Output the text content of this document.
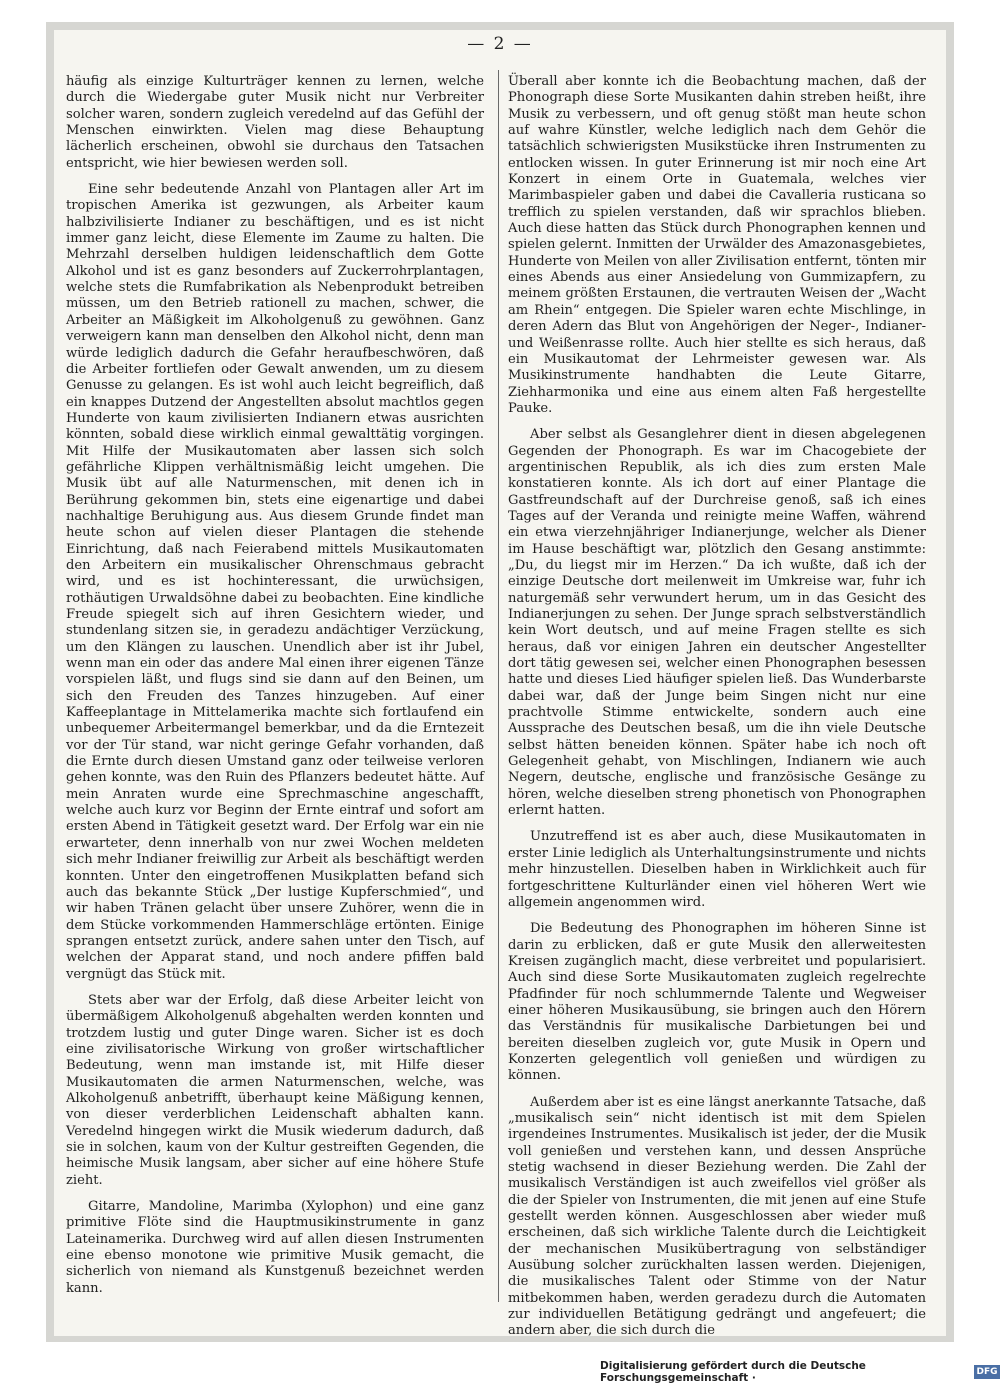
— 2 —

häufig als einzige Kulturträger kennen zu lernen, welche durch die Wiedergabe guter Musik nicht nur Verbreiter solcher waren, sondern zugleich veredelnd auf das Gefühl der Menschen einwirkten. Vielen mag diese Behauptung lächerlich erscheinen, obwohl sie durchaus den Tatsachen entspricht, wie hier bewiesen werden soll.

Eine sehr bedeutende Anzahl von Plantagen aller Art im tropischen Amerika ist gezwungen, als Arbeiter kaum halbzivilisierte Indianer zu beschäftigen, und es ist nicht immer ganz leicht, diese Elemente im Zaume zu halten. Die Mehrzahl derselben huldigen leidenschaftlich dem Gotte Alkohol und ist es ganz besonders auf Zuckerrohrplantagen, welche stets die Rumfabrikation als Nebenprodukt betreiben müssen, um den Betrieb rationell zu machen, schwer, die Arbeiter an Mäßigkeit im Alkoholgenuß zu gewöhnen. Ganz verweigern kann man denselben den Alkohol nicht, denn man würde lediglich dadurch die Gefahr heraufbeschwören, daß die Arbeiter fortliefen oder Gewalt anwenden, um zu diesem Genusse zu gelangen. Es ist wohl auch leicht begreiflich, daß ein knappes Dutzend der Angestellten absolut machtlos gegen Hunderte von kaum zivilisierten Indianern etwas ausrichten könnten, sobald diese wirklich einmal gewalttätig vorgingen. Mit Hilfe der Musikautomaten aber lassen sich solch gefährliche Klippen verhältnismäßig leicht umgehen. Die Musik übt auf alle Naturmenschen, mit denen ich in Berührung gekommen bin, stets eine eigenartige und dabei nachhaltige Beruhigung aus. Aus diesem Grunde findet man heute schon auf vielen dieser Plantagen die stehende Einrichtung, daß nach Feierabend mittels Musikautomaten den Arbeitern ein musikalischer Ohrenschmaus gebracht wird, und es ist hochinteressant, die urwüchsigen, rothäutigen Urwaldsöhne dabei zu beobachten. Eine kindliche Freude spiegelt sich auf ihren Gesichtern wieder, und stundenlang sitzen sie, in geradezu andächtiger Verzückung, um den Klängen zu lauschen. Unendlich aber ist ihr Jubel, wenn man ein oder das andere Mal einen ihrer eigenen Tänze vorspielen läßt, und flugs sind sie dann auf den Beinen, um sich den Freuden des Tanzes hinzugeben. Auf einer Kaffeeplantage in Mittelamerika machte sich fortlaufend ein unbequemer Arbeitermangel bemerkbar, und da die Erntezeit vor der Tür stand, war nicht geringe Gefahr vorhanden, daß die Ernte durch diesen Umstand ganz oder teilweise verloren gehen konnte, was den Ruin des Pflanzers bedeutet hätte. Auf mein Anraten wurde eine Sprechmaschine angeschafft, welche auch kurz vor Beginn der Ernte eintraf und sofort am ersten Abend in Tätigkeit gesetzt ward. Der Erfolg war ein nie erwarteter, denn innerhalb von nur zwei Wochen meldeten sich mehr Indianer freiwillig zur Arbeit als beschäftigt werden konnten. Unter den eingetroffenen Musikplatten befand sich auch das bekannte Stück „Der lustige Kupferschmied“, und wir haben Tränen gelacht über unsere Zuhörer, wenn die in dem Stücke vorkommenden Hammerschläge ertönten. Einige sprangen entsetzt zurück, andere sahen unter den Tisch, auf welchen der Apparat stand, und noch andere pfiffen bald vergnügt das Stück mit.

Stets aber war der Erfolg, daß diese Arbeiter leicht von übermäßigem Alkoholgenuß abgehalten werden konnten und trotzdem lustig und guter Dinge waren. Sicher ist es doch eine zivilisatorische Wirkung von großer wirtschaftlicher Bedeutung, wenn man imstande ist, mit Hilfe dieser Musikautomaten die armen Naturmenschen, welche, was Alkoholgenuß anbetrifft, überhaupt keine Mäßigung kennen, von dieser verderblichen Leidenschaft abhalten kann. Veredelnd hingegen wirkt die Musik wiederum dadurch, daß sie in solchen, kaum von der Kultur gestreiften Gegenden, die heimische Musik langsam, aber sicher auf eine höhere Stufe zieht.

Gitarre, Mandoline, Marimba (Xylophon) und eine ganz primitive Flöte sind die Hauptmusikinstrumente in ganz Lateinamerika. Durchweg wird auf allen diesen Instrumenten eine ebenso monotone wie primitive Musik gemacht, die sicherlich von niemand als Kunstgenuß bezeichnet werden kann.

Überall aber konnte ich die Beobachtung machen, daß der Phonograph diese Sorte Musikanten dahin streben heißt, ihre Musik zu verbessern, und oft genug stößt man heute schon auf wahre Künstler, welche lediglich nach dem Gehör die tatsächlich schwierigsten Musikstücke ihren Instrumenten zu entlocken wissen. In guter Erinnerung ist mir noch eine Art Konzert in einem Orte in Guatemala, welches vier Marimbaspieler gaben und dabei die Cavalleria rusticana so trefflich zu spielen verstanden, daß wir sprachlos blieben. Auch diese hatten das Stück durch Phonographen kennen und spielen gelernt. Inmitten der Urwälder des Amazonasgebietes, Hunderte von Meilen von aller Zivilisation entfernt, tönten mir eines Abends aus einer Ansiedelung von Gummizapfern, zu meinem größten Erstaunen, die vertrauten Weisen der „Wacht am Rhein“ entgegen. Die Spieler waren echte Mischlinge, in deren Adern das Blut von Angehörigen der Neger-, Indianer- und Weißenrasse rollte. Auch hier stellte es sich heraus, daß ein Musikautomat der Lehrmeister gewesen war. Als Musikinstrumente handhabten die Leute Gitarre, Ziehharmonika und eine aus einem alten Faß hergestellte Pauke.

Aber selbst als Gesanglehrer dient in diesen abgelegenen Gegenden der Phonograph. Es war im Chacogebiete der argentinischen Republik, als ich dies zum ersten Male konstatieren konnte. Als ich dort auf einer Plantage die Gastfreundschaft auf der Durchreise genoß, saß ich eines Tages auf der Veranda und reinigte meine Waffen, während ein etwa vierzehnjähriger Indianerjunge, welcher als Diener im Hause beschäftigt war, plötzlich den Gesang anstimmte: „Du, du liegst mir im Herzen.“ Da ich wußte, daß ich der einzige Deutsche dort meilenweit im Umkreise war, fuhr ich naturgemäß sehr verwundert herum, um in das Gesicht des Indianerjungen zu sehen. Der Junge sprach selbstverständlich kein Wort deutsch, und auf meine Fragen stellte es sich heraus, daß vor einigen Jahren ein deutscher Angestellter dort tätig gewesen sei, welcher einen Phonographen besessen hatte und dieses Lied häufiger spielen ließ. Das Wunderbarste dabei war, daß der Junge beim Singen nicht nur eine prachtvolle Stimme entwickelte, sondern auch eine Aussprache des Deutschen besaß, um die ihn viele Deutsche selbst hätten beneiden können. Später habe ich noch oft Gelegenheit gehabt, von Mischlingen, Indianern wie auch Negern, deutsche, englische und französische Gesänge zu hören, welche dieselben streng phonetisch von Phonographen erlernt hatten.

Unzutreffend ist es aber auch, diese Musikautomaten in erster Linie lediglich als Unterhaltungsinstrumente und nichts mehr hinzustellen. Dieselben haben in Wirklichkeit auch für fortgeschrittene Kulturländer einen viel höheren Wert wie allgemein angenommen wird.

Die Bedeutung des Phonographen im höheren Sinne ist darin zu erblicken, daß er gute Musik den allerweitesten Kreisen zugänglich macht, diese verbreitet und popularisiert. Auch sind diese Sorte Musikautomaten zugleich regelrechte Pfadfinder für noch schlummernde Talente und Wegweiser einer höheren Musikausübung, sie bringen auch den Hörern das Verständnis für musikalische Darbietungen bei und bereiten dieselben zugleich vor, gute Musik in Opern und Konzerten gelegentlich voll genießen und würdigen zu können.

Außerdem aber ist es eine längst anerkannte Tatsache, daß „musikalisch sein“ nicht identisch ist mit dem Spielen irgendeines Instrumentes. Musikalisch ist jeder, der die Musik voll genießen und verstehen kann, und dessen Ansprüche stetig wachsend in dieser Beziehung werden. Die Zahl der musikalisch Verständigen ist auch zweifellos viel größer als die der Spieler von Instrumenten, die mit jenen auf eine Stufe gestellt werden können. Ausgeschlossen aber wieder muß erscheinen, daß sich wirkliche Talente durch die Leichtigkeit der mechanischen Musikübertragung von selbständiger Ausübung solcher zurückhalten lassen werden. Diejenigen, die musikalisches Talent oder Stimme von der Natur mitbekommen haben, werden geradezu durch die Automaten zur individuellen Betätigung gedrängt und angefeuert; die andern aber, die sich durch die

Digitalisierung gefördert durch die Deutsche Forschungsgemeinschaft ·	DFG
